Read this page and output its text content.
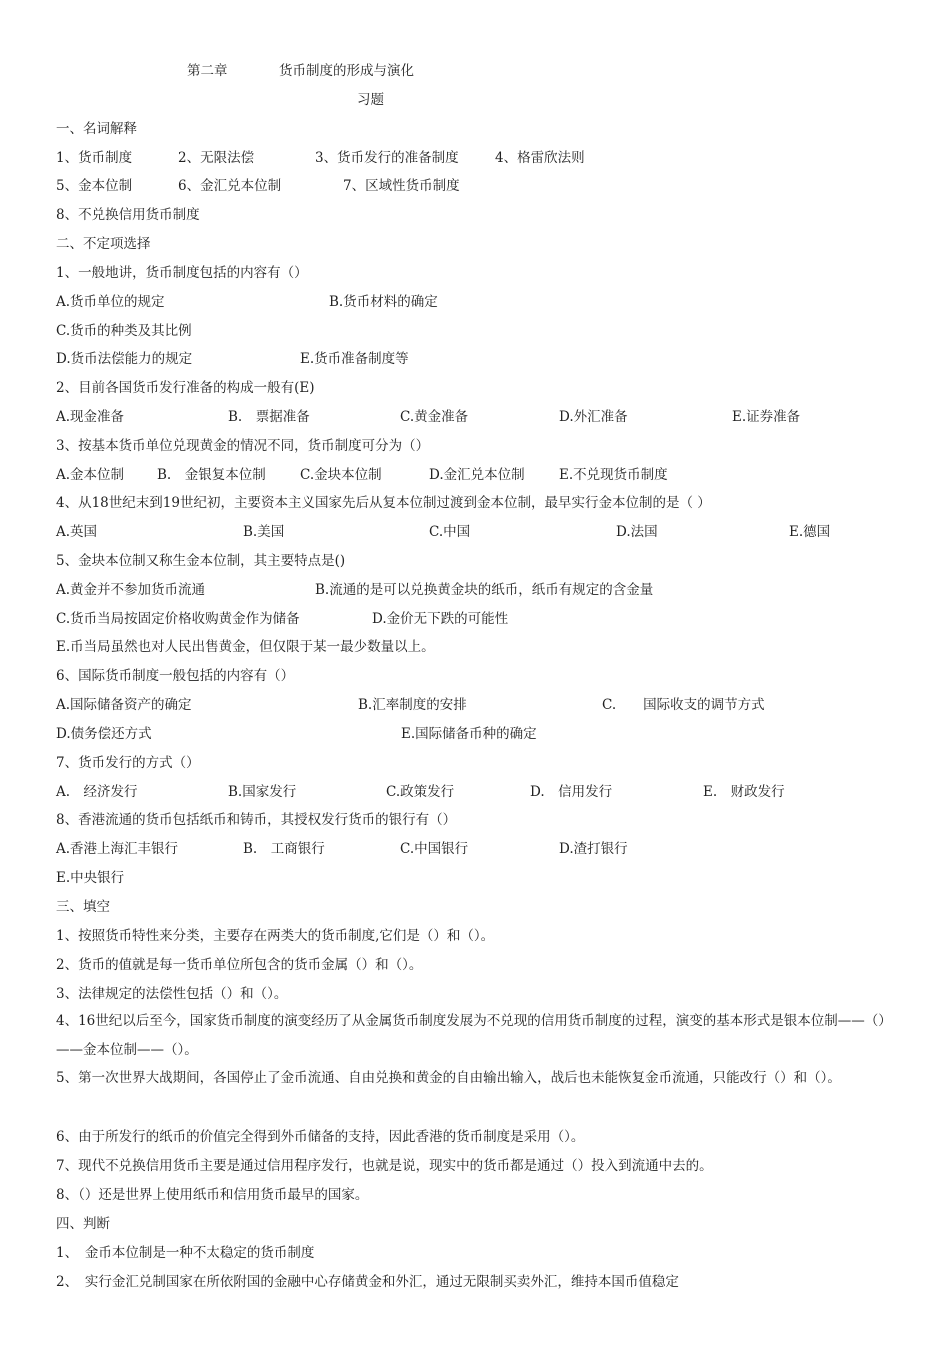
第二章	货币制度的形成与演化
习题
一、名词解释
1、货币制度	2、无限法偿	3、货币发行的准备制度	4、格雷欣法则
5、金本位制	6、金汇兑本位制	7、区域性货币制度
8、不兑换信用货币制度
二、不定项选择
1、一般地讲，货币制度包括的内容有（）
A.货币单位的规定	B.货币材料的确定
C.货币的种类及其比例
D.货币法偿能力的规定	E.货币准备制度等
2、目前各国货币发行准备的构成一般有(E)
A.现金准备	B.　票据准备	C.黄金准备	D.外汇准备	E.证券准备
3、按基本货币单位兑现黄金的情况不同，货币制度可分为（）
A.金本位制 B.　金银复本位制	C.金块本位制	D.金汇兑本位制	E.不兑现货币制度
4、从18世纪末到19世纪初，主要资本主义国家先后从复本位制过渡到金本位制，最早实行金本位制的是（ ）
A.英国	B.美国	C.中国	D.法国	E.德国
5、金块本位制又称生金本位制，其主要特点是()
A.黄金并不参加货币流通	B.流通的是可以兑换黄金块的纸币，纸币有规定的含金量
C.货币当局按固定价格收购黄金作为储备	D.金价无下跌的可能性
E.币当局虽然也对人民出售黄金，但仅限于某一最少数量以上。
6、国际货币制度一般包括的内容有（）
A.国际储备资产的确定	B.汇率制度的安排	C.　　国际收支的调节方式
D.债务偿还方式	E.国际储备币种的确定
7、货币发行的方式（）
A.　经济发行	B.国家发行	C.政策发行	D.　信用发行	E.　财政发行
8、香港流通的货币包括纸币和铸币，其授权发行货币的银行有（）
A.香港上海汇丰银行	B.　工商银行	C.中国银行	D.渣打银行
E.中央银行
三、填空
1、按照货币特性来分类，主要存在两类大的货币制度,它们是（）和（）。
2、货币的值就是每一货币单位所包含的货币金属（）和（）。
3、法律规定的法偿性包括（）和（）。
4、16世纪以后至今，国家货币制度的演变经历了从金属货币制度发展为不兑现的信用货币制度的过程，演变的基本形式是银本位制——（）——金本位制——（）。
5、第一次世界大战期间，各国停止了金币流通、自由兑换和黄金的自由输出输入，战后也未能恢复金币流通，只能改行（）和（）。
6、由于所发行的纸币的价值完全得到外币储备的支持，因此香港的货币制度是采用（）。
7、现代不兑换信用货币主要是通过信用程序发行，也就是说，现实中的货币都是通过（）投入到流通中去的。
8、（）还是世界上使用纸币和信用货币最早的国家。
四、判断
1、　金币本位制是一种不太稳定的货币制度
2、　实行金汇兑制国家在所依附国的金融中心存储黄金和外汇，通过无限制买卖外汇，维持本国币值稳定
